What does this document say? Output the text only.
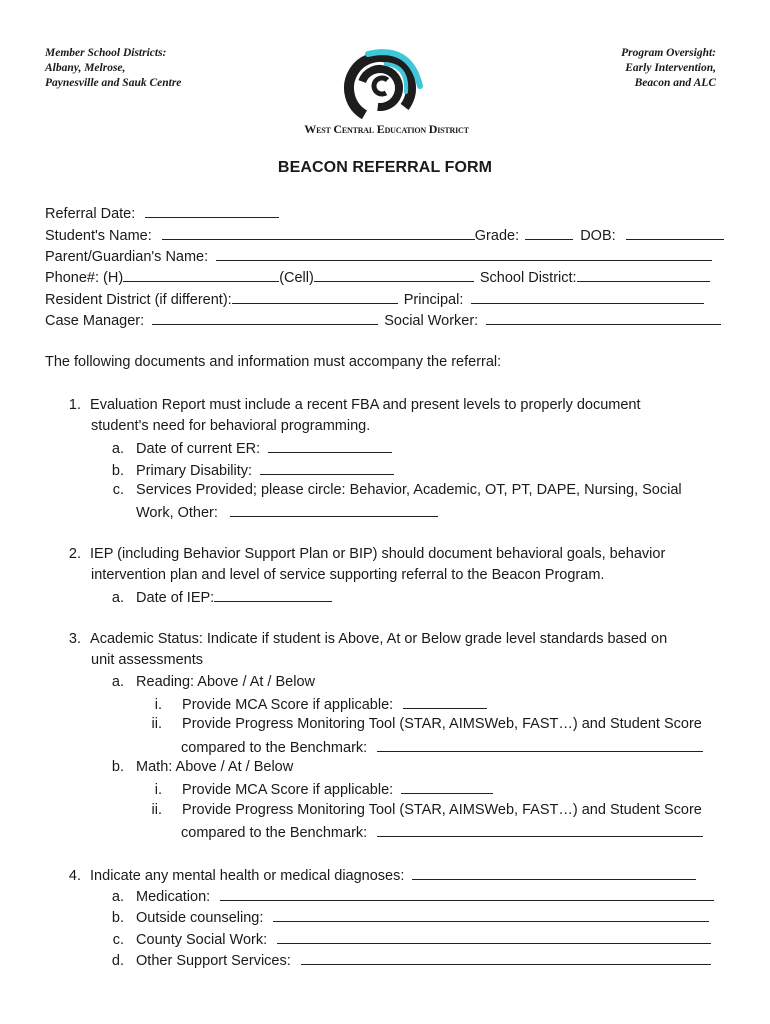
Member School Districts:
Albany, Melrose,
Paynesville and Sauk Centre
Program Oversight:
Early Intervention,
Beacon and ALC
West Central Education District
BEACON REFERRAL FORM
Referral Date:
Student's Name:	Grade:	DOB:
Parent/Guardian's Name:
Phone#: (H)	(Cell)	School District:
Resident District (if different):	Principal:
Case Manager:	Social Worker:
The following documents and information must accompany the referral:
1. Evaluation Report must include a recent FBA and present levels to properly document
student's need for behavioral programming.
a. Date of current ER:
b. Primary Disability:
c. Services Provided; please circle: Behavior, Academic, OT, PT, DAPE, Nursing, Social
Work, Other:
2. IEP (including Behavior Support Plan or BIP) should document behavioral goals, behavior
intervention plan and level of service supporting referral to the Beacon Program.
a. Date of IEP:
3. Academic Status: Indicate if student is Above, At or Below grade level standards based on
unit assessments
a. Reading: Above / At / Below
i. Provide MCA Score if applicable:
ii. Provide Progress Monitoring Tool (STAR, AIMSWeb, FAST…) and Student Score
compared to the Benchmark:
b. Math: Above / At / Below
i. Provide MCA Score if applicable:
ii. Provide Progress Monitoring Tool (STAR, AIMSWeb, FAST…) and Student Score
compared to the Benchmark:
4. Indicate any mental health or medical diagnoses:
a. Medication:
b. Outside counseling:
c. County Social Work:
d. Other Support Services:
